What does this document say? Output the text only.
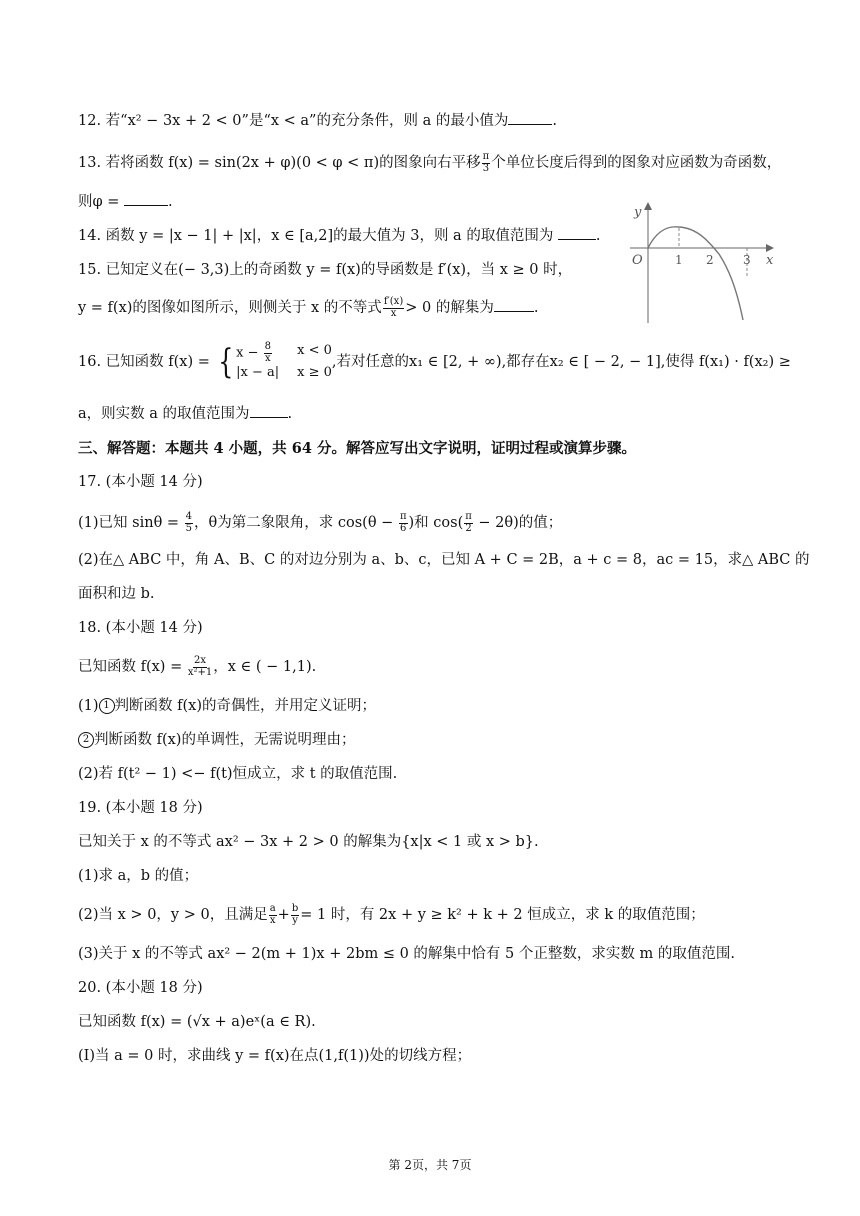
12. 若“x² − 3x + 2 < 0”是“x < a”的充分条件，则 a 的最小值为	.
13. 若将函数 f(x) = sin(2x + φ)(0 < φ < π)的图象向右平移 $\frac{\pi}{3}$ 个单位长度后得到的图象对应函数为奇函数，
则φ =	.
14. 函数 y = |x − 1| + |x|，x ∈ [a,2]的最大值为 3，则 a 的取值范围为	.
15. 已知定义在(− 3,3)上的奇函数 y = f(x)的导函数是 f′(x)，当 x ≥ 0 时，
y = f(x)的图像如图所示，则侧关于 x 的不等式 $\frac{f'(x)}{x} > 0$ 的解集为	.
y
x
O	1 2 3
16. 已知函数 f(x) = { $x - \frac{8}{x}$ x < 0
|x − a| x ≥ 0
,若对任意的x₁ ∈ [2, + ∞),都存在x₂ ∈ [ − 2, − 1],使得 f(x₁) · f(x₂) ≥
a，则实数 a 的取值范围为	.
三、解答题：本题共 4 小题，共 64 分。解答应写出文字说明，证明过程或演算步骤。
17. (本小题 14 分)
(1)已知 $\sin\theta = \frac{4}{5}$ ，θ为第二象限角，求 $\cos(\theta - \frac{\pi}{6}$ )和 $\cos( \frac{\pi}{2} - 2\theta)$的值；
(2)在△ ABC 中，角 A、B、C 的对边分别为 a、b、c，已知 A + C = 2B，a + c = 8，ac = 15，求△ ABC 的
面积和边 b.
18. (本小题 14 分)
已知函数 $f(x) = \frac{2x}{\text{x²+1}}$ ，x ∈ ( − 1,1).
(1) 1 判断函数 f(x)的奇偶性，并用定义证明；
2 判断函数 f(x)的单调性，无需说明理由；
(2)若 f(t² − 1) <− f(t)恒成立，求 t 的取值范围.
19. (本小题 18 分)
已知关于 x 的不等式 ax² − 3x + 2 > 0 的解集为{x|x < 1 或 x > b}.
(1)求 a，b 的值；
(2)当 x > 0，y > 0，且满足 $\frac{a}{x} + \frac{b}{y} = 1$ 时，有 2x + y ≥ k² + k + 2 恒成立，求 k 的取值范围；
(3)关于 x 的不等式 ax² − 2(m + 1)x + 2bm ≤ 0 的解集中恰有 5 个正整数，求实数 m 的取值范围.
20. (本小题 18 分)
已知函数 f(x) = (√x + a)eˣ(a ∈ R).
(Ⅰ)当 a = 0 时，求曲线 y = f(x)在点(1,f(1))处的切线方程；
第 2页，共 7页
